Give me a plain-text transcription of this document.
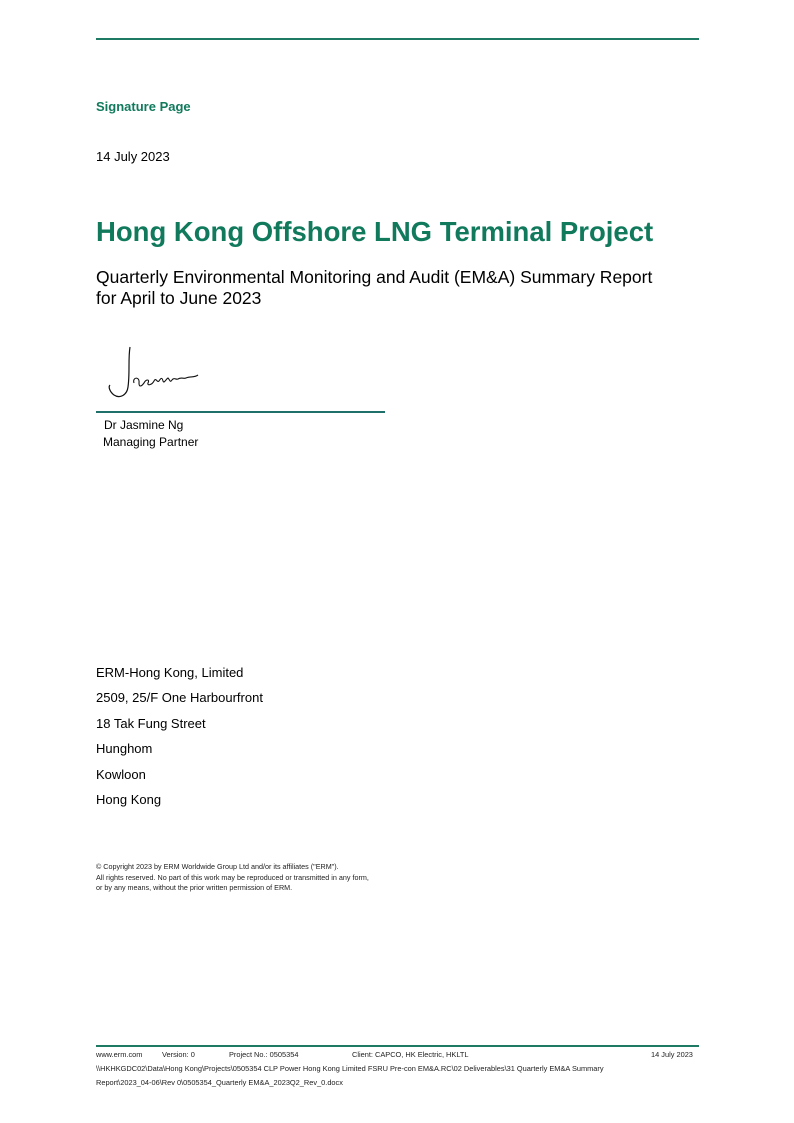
Signature Page
14 July 2023
Hong Kong Offshore LNG Terminal Project
Quarterly Environmental Monitoring and Audit (EM&A) Summary Report
for April to June 2023
Dr Jasmine Ng
Managing Partner
ERM-Hong Kong, Limited
2509, 25/F One Harbourfront
18 Tak Fung Street
Hunghom
Kowloon
Hong Kong
© Copyright 2023 by ERM Worldwide Group Ltd and/or its affiliates ("ERM").
All rights reserved. No part of this work may be reproduced or transmitted in any form,
or by any means, without the prior written permission of ERM.
www.erm.com	Version: 0	Project No.: 0505354	Client: CAPCO, HK Electric, HKLTL	14 July 2023
\\HKHKGDC02\Data\Hong Kong\Projects\0505354 CLP Power Hong Kong Limited FSRU Pre-con EM&A.RC\02 Deliverables\31 Quarterly EM&A Summary
Report\2023_04-06\Rev 0\0505354_Quarterly EM&A_2023Q2_Rev_0.docx
